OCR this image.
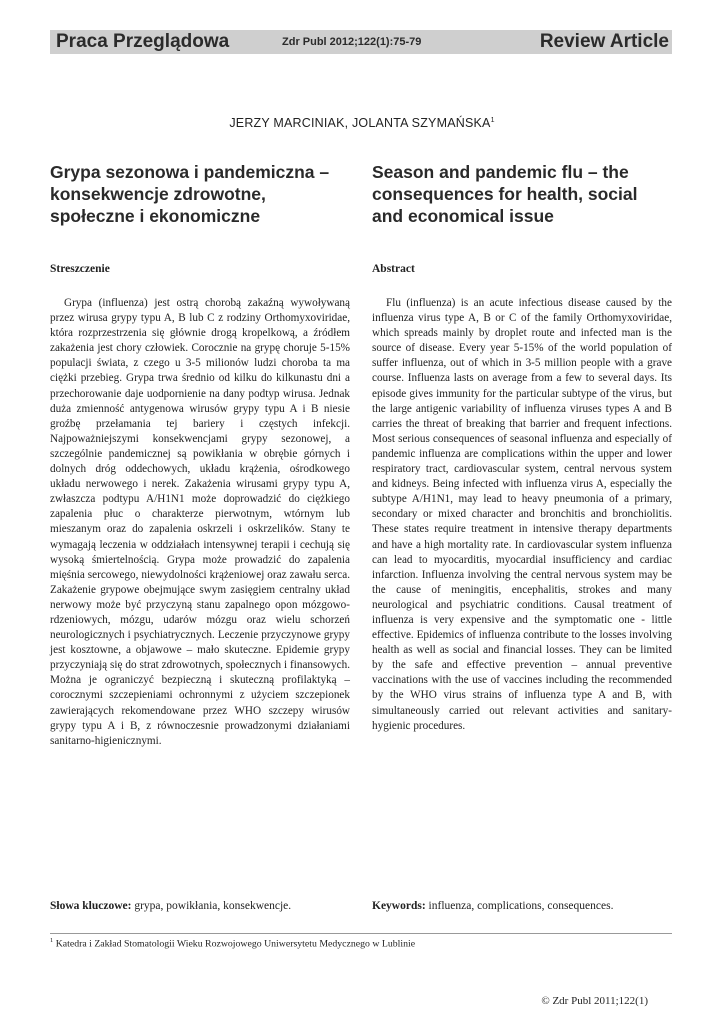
Praca Przeglądowa	Zdr Publ 2012;122(1):75-79	Review Article
JERZY MARCINIAK, JOLANTA SZYMAŃSKA$^1$
Grypa sezonowa i pandemiczna – konsekwencje zdrowotne, społeczne i ekonomiczne
Season and pandemic flu – the consequences for health, social and economical issue
Streszczenie	Abstract

Grypa (influenza) jest ostrą chorobą zakaźną wywoływaną przez wirusa grypy typu A, B lub C z rodziny Orthomyxoviridae, która rozprzestrzenia się głównie drogą kropelkową, a źródłem zakażenia jest chory człowiek. Corocznie na grypę choruje 5-15% populacji świata, z czego u 3-5 milionów ludzi choroba ta ma ciężki przebieg. Grypa trwa średnio od kilku do kilkunastu dni a przechorowanie daje uodpornienie na dany podtyp wirusa. Jednak duża zmienność antygenowa wirusów grypy typu A i B niesie groźbę przełamania tej bariery i częstych infekcji. Najpoważniejszymi konsekwencjami grypy sezonowej, a szczególnie pandemicznej są powikłania w obrębie górnych i dolnych dróg oddechowych, układu krążenia, ośrodkowego układu nerwowego i nerek. Zakażenia wirusami grypy typu A, zwłaszcza podtypu A/H1N1 może doprowadzić do ciężkiego zapalenia płuc o charakterze pierwotnym, wtórnym lub mieszanym oraz do zapalenia oskrzeli i oskrzelików. Stany te wymagają leczenia w oddziałach intensywnej terapii i cechują się wysoką śmiertelnością. Grypa może prowadzić do zapalenia mięśnia sercowego, niewydolności krążeniowej oraz zawału serca. Zakażenie grypowe obejmujące swym zasięgiem centralny układ nerwowy może być przyczyną stanu zapalnego opon mózgowo-rdzeniowych, mózgu, udarów mózgu oraz wielu schorzeń neurologicznych i psychiatrycznych. Leczenie przyczynowe grypy jest kosztowne, a objawowe – mało skuteczne. Epidemie grypy przyczyniają się do strat zdrowotnych, społecznych i finansowych. Można je ograniczyć bezpieczną i skuteczną profilaktyką – corocznymi szczepieniami ochronnymi z użyciem szczepionek zawierających rekomendowane przez WHO szczepy wirusów grypy typu A i B, z równoczesnie prowadzonymi działaniami sanitarno-higienicznymi.

Flu (influenza) is an acute infectious disease caused by the influenza virus type A, B or C of the family Orthomyxoviridae, which spreads mainly by droplet route and infected man is the source of disease. Every year 5-15% of the world population of suffer influenza, out of which in 3-5 million people with a grave course. Influenza lasts on average from a few to several days. Its episode gives immunity for the particular subtype of the virus, but the large antigenic variability of influenza viruses types A and B carries the threat of breaking that barrier and frequent infections. Most serious consequences of seasonal influenza and especially of pandemic influenza are complications within the upper and lower respiratory tract, cardiovascular system, central nervous system and kidneys. Being infected with influenza virus A, especially the subtype A/H1N1, may lead to heavy pneumonia of a primary, secondary or mixed character and bronchitis and bronchiolitis. These states require treatment in intensive therapy departments and have a high mortality rate. In cardiovascular system influenza can lead to myocarditis, myocardial insufficiency and cardiac infarction. Influenza involving the central nervous system may be the cause of meningitis, encephalitis, strokes and many neurological and psychiatric conditions. Causal treatment of influenza is very expensive and the symptomatic one - little effective. Epidemics of influenza contribute to the losses involving health as well as social and financial losses. They can be limited by the safe and effective prevention – annual preventive vaccinations with the use of vaccines including the recommended by the WHO virus strains of influenza type A and B, with simultaneously carried out relevant activities and sanitary-hygienic procedures.

Słowa kluczowe: grypa, powikłania, konsekwencje.	Keywords: influenza, complications, consequences.
$^1$ Katedra i Zakład Stomatologii Wieku Rozwojowego Uniwersytetu Medycznego w Lublinie
© Zdr Publ 2011;122(1)
